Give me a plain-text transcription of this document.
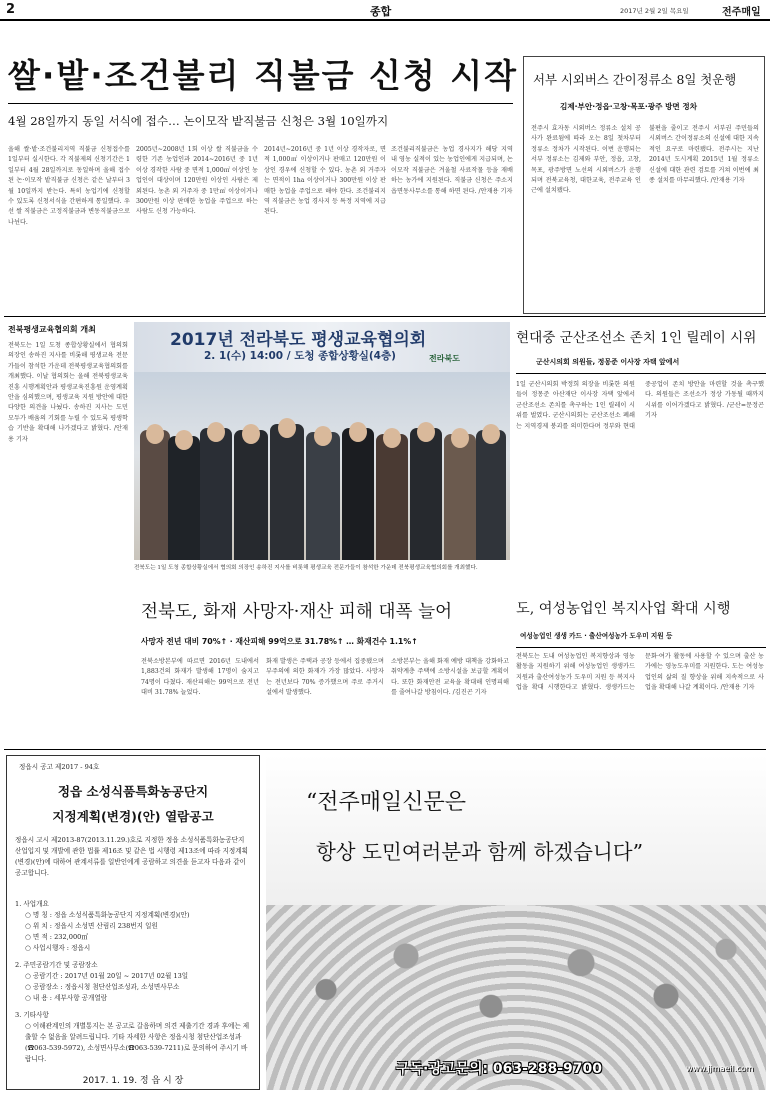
2	종합	2017년 2월 2일 목요일	전주매일
쌀·밭·조건불리 직불금 신청 시작
4월 28일까지 동일 서식에 접수… 논이모작 밭직불금 신청은 3월 10일까지
올해 쌀·밭·조건불리지역 직불금 신청접수를 1일부터 실시한다. 각 직불제의 신청기간은 1일부터 4월 28일까지로 동일하며 올해 접수된 논·이모작 밭직불금 신청은 같은 날부터 3월 10일까지 받는다. 특히 농업기에 신청할 수 있도록 신청서식을 간편하게 통일했다. 우선 쌀 직불금은 고정직불금과 변동직불금으로 나뉜다.
2005년~2008년 1회 이상 쌀 직불금을 수령한 기존 농업인과 2014~2016년 중 1년 이상 경작한 사람 중 면적 1,000㎡ 이상인 농업인이 대상이며 120만원 이상인 사람은 제외된다. 농촌 외 거주자 중 1만㎡ 이상이거나 300만원 이상 판매한 농업을 주업으로 하는 사람도 신청 가능하다.
2014년~2016년 중 1년 이상 경작자로, 면적 1,000㎡ 이상이거나 판매고 120만원 이상인 경우에 신청할 수 있다. 농촌 외 거주자는 면적이 1ha 이상이거나 300만원 이상 판매한 농업을 주업으로 해야 한다. 조건불리지역 직불금은 농업 경사지 등 특정 지역에 지급된다.
조건불리직불금은 농업 경사지가 해당 지역 내 영농 실적이 있는 농업인에게 지급되며, 논이모작 직불금은 겨울철 사료작물 등을 재배하는 농가에 지원된다. 직불금 신청은 주소지 읍면동사무소를 통해 하면 된다. /안재용 기자
서부 시외버스 간이정류소 8일 첫운행
김제·부안·정읍·고창·목포·광주 방면 정차
전주시 효자동 시외버스 정류소 설치 공사가 완료됨에 따라 오는 8일 첫차부터 정류소 정차가 시작된다. 이번 운행되는 서부 정류소는 김제와 부안, 정읍, 고창, 목포, 광주방면 노선의 시외버스가 운행되며 전북교육청, 대한교육, 전주교육 인근에 설치됐다.
불편을 줄이고 전주시 서부권 주민들의 시외버스 간이정류소의 신설에 대한 지속적인 요구로 마련됐다. 전주시는 지난 2014년 도시계획 2015년 1월 정류소 신설에 대한 관련 검토를 거쳐 이번에 최종 설치를 마무리했다. /안재용 기자
전북평생교육협의회 개최
전북도는 1일 도청 종합상황실에서 협의회 의장인 송하진 지사를 비롯해 평생교육 전문가들이 참석한 가운데 전북평생교육협의회를 개최했다. 이날 협의회는 올해 전북평생교육진흥 시행계획안과 평생교육진흥원 운영계획안을 심의했으며, 평생교육 지원 방안에 대한 다양한 의견을 나눴다. 송하진 지사는 도민 모두가 배움의 기회를 누릴 수 있도록 평생학습 기반을 확대해 나가겠다고 밝혔다. /안재용 기자
2017년 전라북도 평생교육협의회
2. 1(수) 14:00 / 도청 종합상황실(4층)	전라북도
전북도는 1일 도청 종합상황실에서 협의회 의장인 송하진 지사를 비롯해 평생교육 전문가들이 참석한 가운데 전북평생교육협의회를 개최했다.
현대중 군산조선소 존치 1인 릴레이 시위
군산시의회 의원들, 정몽준 이사장 자택 앞에서
1일 군산시의회 박정희 의장을 비롯한 의원들이 정몽준 아산재단 이사장 자택 앞에서 군산조선소 존치를 촉구하는 1인 릴레이 시위를 벌였다. 군산시의회는 군산조선소 폐쇄는 지역경제 붕괴를 의미한다며 정부와 현대중공업이 존치 방안을 마련할 것을 촉구했다. 의원들은 조선소가 정상 가동될 때까지 시위를 이어가겠다고 밝혔다. /군산=문정곤 기자
전북도, 화재 사망자·재산 피해 대폭 늘어
사망자 전년 대비 70%↑ · 재산피해 99억으로 31.78%↑ … 화재건수 1.1%↑
전북소방본부에 따르면 2016년 도내에서 1,883건의 화재가 발생해 17명이 숨지고 74명이 다쳤다. 재산피해는 99억으로 전년 대비 31.78% 늘었다.
화재 발생은 주택과 공장 등에서 집중됐으며 부주의에 의한 화재가 가장 많았다. 사망자는 전년보다 70% 증가했으며 주로 주거시설에서 발생했다.
소방본부는 올해 화재 예방 대책을 강화하고 취약계층 주택에 소방시설을 보급할 계획이다. 또한 화재안전 교육을 확대해 인명피해를 줄여나갈 방침이다. /김진곤 기자
도, 여성농업인 복지사업 확대 시행
여성농업인 생생 카드 · 출산여성농가 도우미 지원 등
전북도는 도내 여성농업인 복지향상과 영농활동을 지원하기 위해 여성농업인 생생카드 지원과 출산여성농가 도우미 지원 등 복지사업을 확대 시행한다고 밝혔다. 생생카드는 문화·여가 활동에 사용할 수 있으며 출산 농가에는 영농도우미를 지원한다. 도는 여성농업인의 삶의 질 향상을 위해 지속적으로 사업을 확대해 나갈 계획이다. /안재용 기자
정읍시 공고 제2017 - 94호
정읍 소성식품특화농공단지
지정계획(변경)(안) 열람공고
정읍시 고시 제2013-87(2013.11.29.)호로 지정한 정읍 소성식품특화농공단지 산업입지 및 개발에 관한 법률 제16조 및 같은 법 시행령 제13조에 따라 지정계획(변경)(안)에 대하여 관계서류를 일반인에게 공람하고 의견을 듣고자 다음과 같이 공고합니다.
1. 사업개요
○ 명 칭 : 정읍 소성식품특화농공단지 지정계획(변경)(안)
○ 위 치 : 정읍시 소성면 산림리 238번지 일원
○ 면 적 : 232,000㎡
○ 사업시행자 : 정읍시
2. 주민공람기간 및 공람장소
○ 공람기간 : 2017년 01월 20일 ~ 2017년 02월 13일
○ 공람장소 : 정읍시청 첨단산업조성과, 소성면사무소
○ 내 용 : 세부사항 공개열람
3. 기타사항
○ 이해관계인의 개별통지는 본 공고로 갈음하며 의견 제출기간 경과 후에는 제출할 수 없음을 알려드립니다. 기타 자세한 사항은 정읍시청 첨단산업조성과(☎063-539-5972), 소성면사무소(☎063-539-7211)로 문의하여 주시기 바랍니다.
2017. 1. 19. 정 읍 시 장
“전주매일신문은
항상 도민여러분과 함께 하겠습니다”
구독·광고문의: 063-288-9700	www.jjmaeil.com
